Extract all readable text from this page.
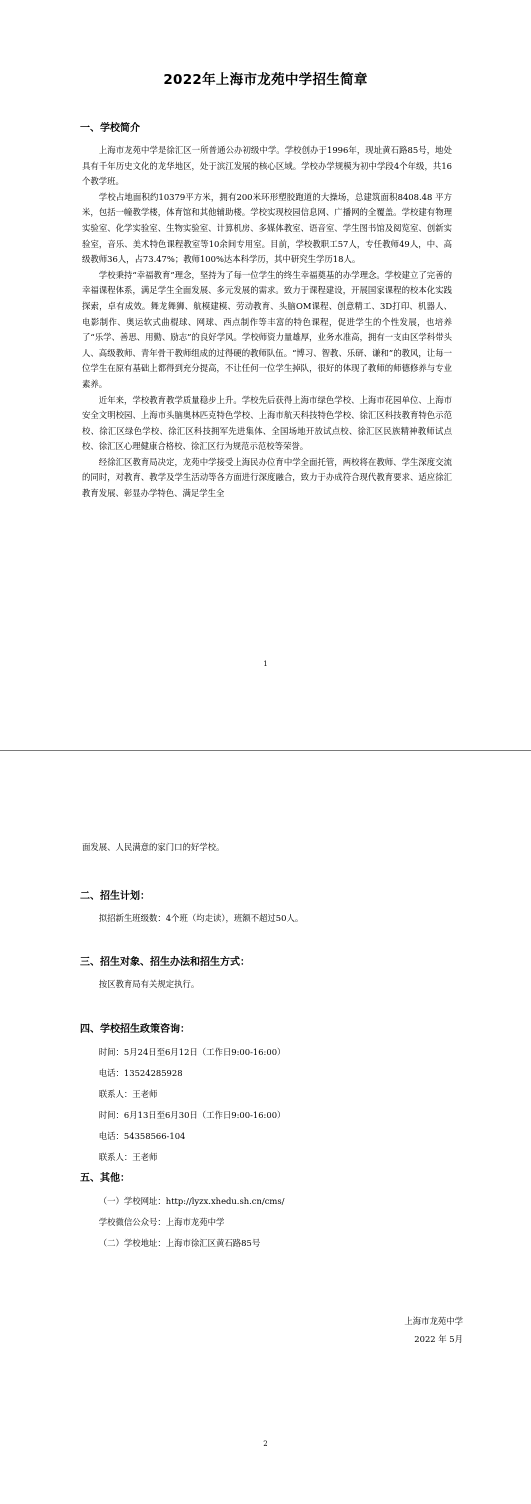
2022年上海市龙苑中学招生简章

一、学校简介

上海市龙苑中学是徐汇区一所普通公办初级中学。学校创办于1996年，现址黄石路85号，地处具有千年历史文化的龙华地区，处于滨江发展的核心区域。学校办学规模为初中学段4个年级，共16个教学班。

学校占地面积约10379平方米，拥有200米环形塑胶跑道的大操场，总建筑面积8408.48 平方米，包括一幢教学楼，体育馆和其他辅助楼。学校实现校园信息网、广播网的全覆盖。学校建有物理实验室、化学实验室、生物实验室、计算机房、多媒体教室、语音室、学生图书馆及阅览室、创新实验室，音乐、美术特色课程教室等10余间专用室。目前，学校教职工57人，专任教师49人，中、高级教师36人，占73.47%；教师100%达本科学历，其中研究生学历18人。

学校秉持“幸福教育”理念，坚持为了每一位学生的终生幸福奠基的办学理念。学校建立了完善的幸福课程体系，满足学生全面发展、多元发展的需求。致力于课程建设，开展国家课程的校本化实践探索，卓有成效。舞龙舞狮、航模建模、劳动教育、头脑OM课程、创意精工、3D打印、机器人、电影制作、奥运软式曲棍球、网球、西点制作等丰富的特色课程，促进学生的个性发展，也培养了“乐学、善思、用勤、励志”的良好学风。学校师资力量雄厚，业务水准高，拥有一支由区学科带头人、高级教师、青年骨干教师组成的过得硬的教师队伍。“博习、智教、乐研、谦和”的教风，让每一位学生在原有基础上都得到充分提高，不让任何一位学生掉队，很好的体现了教师的师德修养与专业素养。

近年来，学校教育教学质量稳步上升。学校先后获得上海市绿色学校、上海市花园单位、上海市安全文明校园、上海市头脑奥林匹克特色学校、上海市航天科技特色学校、徐汇区科技教育特色示范校、徐汇区绿色学校、徐汇区科技拥军先进集体、全国场地开放试点校、徐汇区民族精神教师试点校、徐汇区心理健康合格校、徐汇区行为规范示范校等荣誉。

经徐汇区教育局决定，龙苑中学接受上海民办位育中学全面托管，两校将在教师、学生深度交流的同时，对教育、教学及学生活动等各方面进行深度融合，致力于办成符合现代教育要求、适应徐汇教育发展、彰显办学特色、满足学生全

1

面发展、人民满意的家门口的好学校。

二、招生计划：

拟招新生班级数：4个班（均走读），班额不超过50人。

三、招生对象、招生办法和招生方式：

按区教育局有关规定执行。

四、学校招生政策咨询：

时间：5月24日至6月12日（工作日9:00-16:00）

电话：13524285928

联系人：王老师

时间：6月13日至6月30日（工作日9:00-16:00）

电话：54358566-104

联系人：王老师

五、其他：

（一）学校网址：http://lyzx.xhedu.sh.cn/cms/

学校微信公众号：上海市龙苑中学

（二）学校地址：上海市徐汇区黄石路85号

上海市龙苑中学
2022 年 5月
2
